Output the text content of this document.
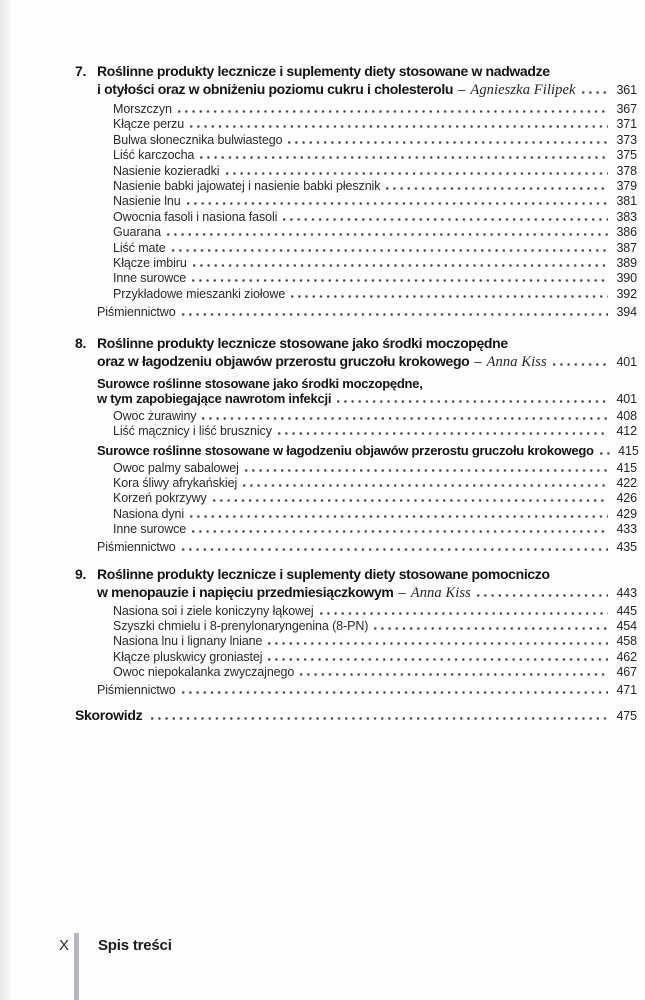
7. Roślinne produkty lecznicze i suplementy diety stosowane w nadwadze
i otyłości oraz w obniżeniu poziomu cukru i cholesterolu – Agnieszka Filipek	361
Morszczyn	367
Kłącze perzu	371
Bulwa słonecznika bulwiastego	373
Liść karczocha	375
Nasienie kozieradki	378
Nasienie babki jajowatej i nasienie babki płesznik	379
Nasienie lnu	381
Owocnia fasoli i nasiona fasoli	383
Guarana	386
Liść mate	387
Kłącze imbiru	389
Inne surowce	390
Przykładowe mieszanki ziołowe	392
Piśmiennictwo	394
8. Roślinne produkty lecznicze stosowane jako środki moczopędne
oraz w łagodzeniu objawów przerostu gruczołu krokowego – Anna Kiss	401
Surowce roślinne stosowane jako środki moczopędne,
w tym zapobiegające nawrotom infekcji	401
Owoc żurawiny	408
Liść mącznicy i liść brusznicy	412
Surowce roślinne stosowane w łagodzeniu objawów przerostu gruczołu krokowego	415
Owoc palmy sabalowej	415
Kora śliwy afrykańskiej	422
Korzeń pokrzywy	426
Nasiona dyni	429
Inne surowce	433
Piśmiennictwo	435
9. Roślinne produkty lecznicze i suplementy diety stosowane pomocniczo
w menopauzie i napięciu przedmiesiączkowym – Anna Kiss	443
Nasiona soi i ziele koniczyny łąkowej	445
Szyszki chmielu i 8-prenylonaryngenina (8-PN)	454
Nasiona lnu i lignany lniane	458
Kłącze pluskwicy groniastej	462
Owoc niepokalanka zwyczajnego	467
Piśmiennictwo	471
Skorowidz	475
X Spis treści
